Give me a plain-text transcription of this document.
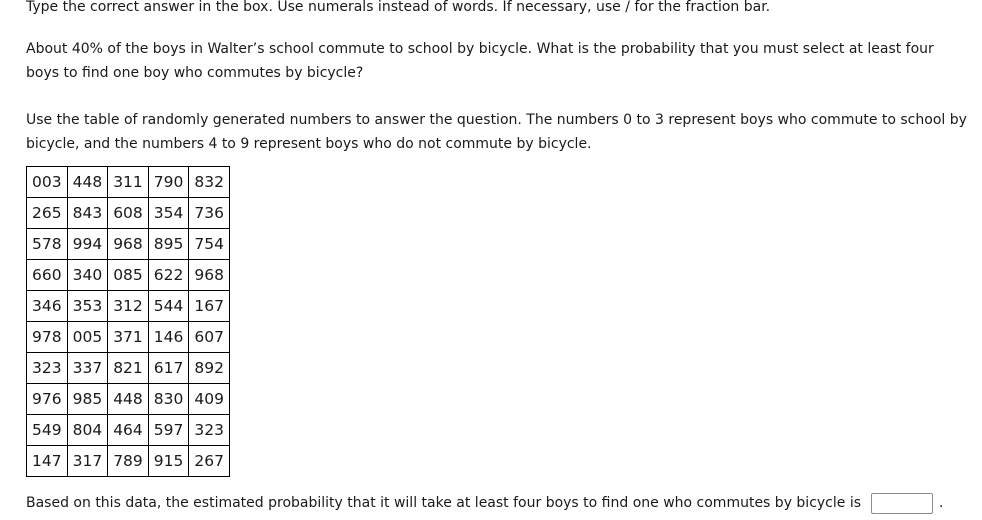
Type the correct answer in the box. Use numerals instead of words. If necessary, use / for the fraction bar.

About 40% of the boys in Walter’s school commute to school by bicycle. What is the probability that you must select at least four boys to find one boy who commutes by bicycle?

Use the table of randomly generated numbers to answer the question. The numbers 0 to 3 represent boys who commute to school by bicycle, and the numbers 4 to 9 represent boys who do not commute by bicycle.

003	448	311	790	832
265	843	608	354	736
578	994	968	895	754
660	340	085	622	968
346	353	312	544	167
978	005	371	146	607
323	337	821	617	892
976	985	448	830	409
549	804	464	597	323
147	317	789	915	267

Based on this data, the estimated probability that it will take at least four boys to find one who commutes by bicycle is	.
